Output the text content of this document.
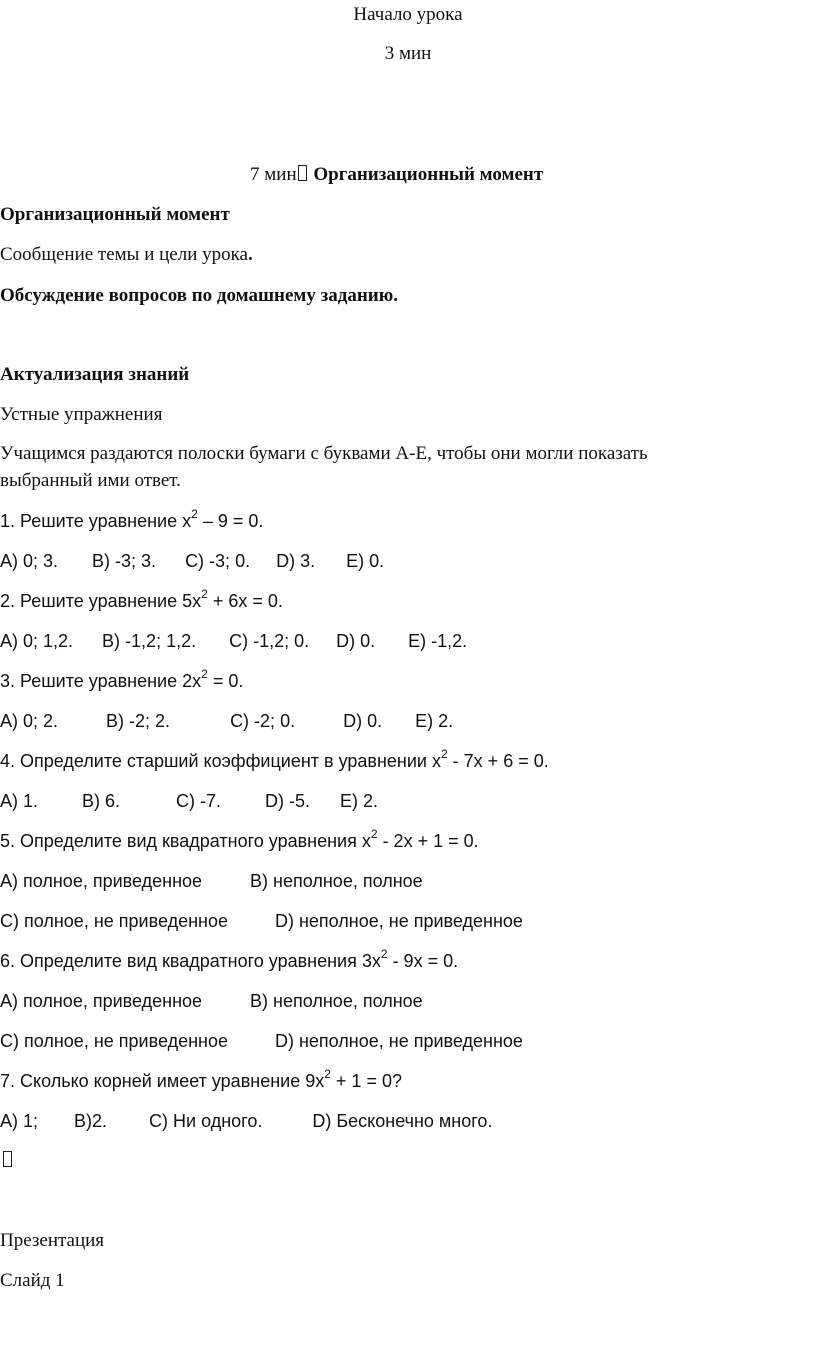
Начало урока
3 мин
7 мин Организационный момент
Организационный момент
Сообщение темы и цели урока.
Обсуждение вопросов по домашнему заданию.
Актуализация знаний
Устные упражнения
Учащимся раздаются полоски бумаги с буквами А-Е, чтобы они могли показать
выбранный ими ответ.
1. Решите уравнение $x^2 - 9 = 0$.
A) 0; 3. B) -3; 3. C) -3; 0. D) 3. E) 0.
2. Решите уравнение $5x^2 + 6x = 0$.
A) 0; 1,2. B) -1,2; 1,2. C) -1,2; 0. D) 0. E) -1,2.
3. Решите уравнение $2x^2 = 0$.
A) 0; 2.	B) -2; 2.	C) -2; 0.	D) 0. E) 2.
4. Определите старший коэффициент в уравнении $x^2 - 7x + 6 = 0$.
A) 1. B) 6.	C) -7. D) -5. E) 2.
5. Определите вид квадратного уравнения $x^2 - 2x + 1 = 0$.
A) полное, приведенное	B) неполное, полное
C) полное, не приведенное	D) неполное, не приведенное
6. Определите вид квадратного уравнения $3x^2 - 9x = 0$.
A) полное, приведенное	B) неполное, полное
C) полное, не приведенное	D) неполное, не приведенное
7. Сколько корней имеет уравнение $9x^2 + 1 = 0$?
A) 1; B)2. C) Ни одного.	D) Бесконечно много.
Презентация
Слайд 1
